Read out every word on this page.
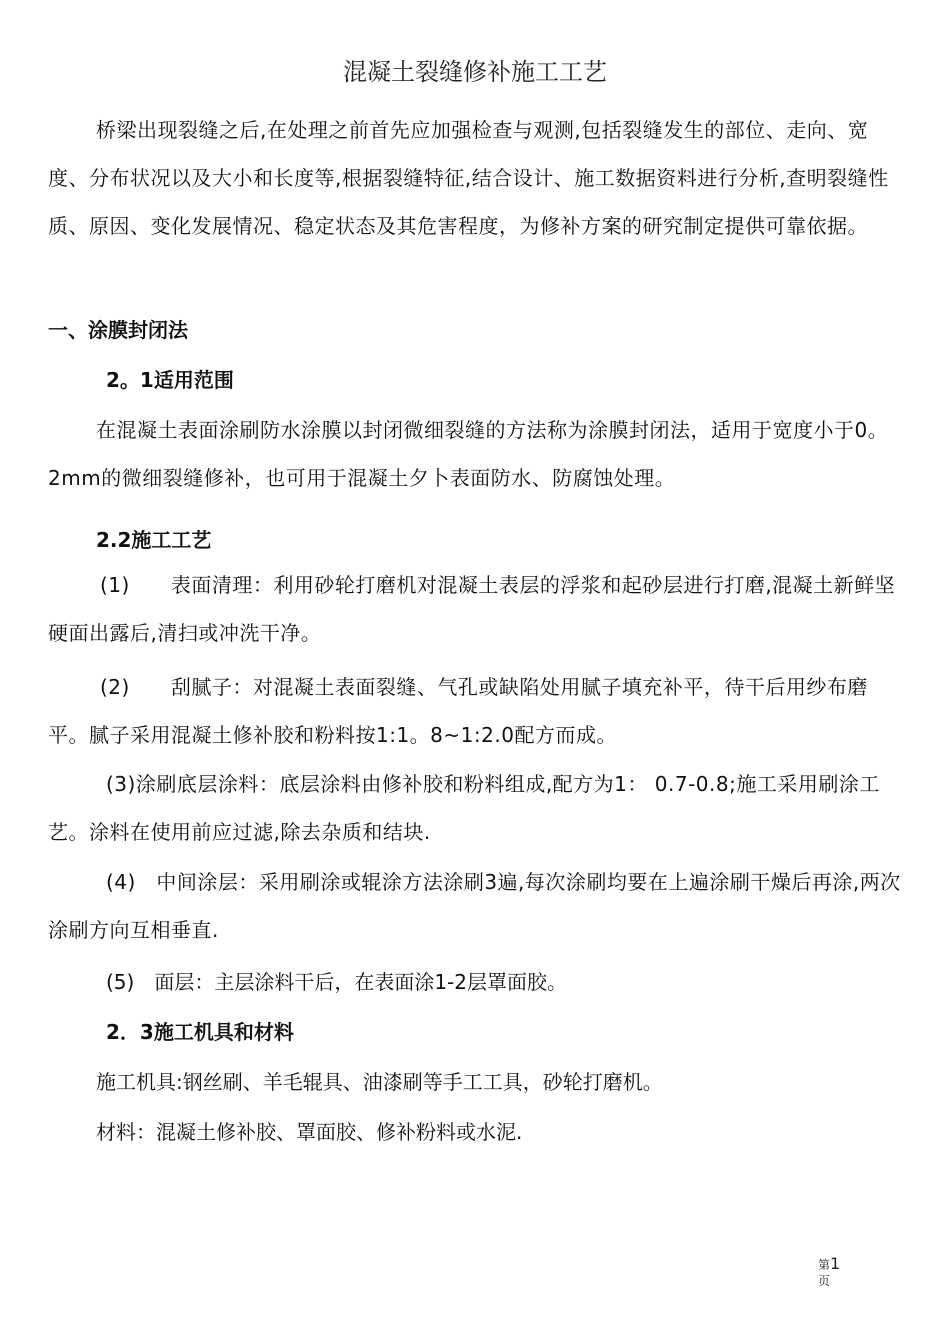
混凝土裂缝修补施工工艺

桥梁出现裂缝之后,在处理之前首先应加强检查与观测,包括裂缝发生的部位、走向、宽度、分布状况以及大小和长度等,根据裂缝特征,结合设计、施工数据资料进行分析,查明裂缝性质、原因、变化发展情况、稳定状态及其危害程度，为修补方案的研究制定提供可靠依据。

一、涂膜封闭法
2。1适用范围

在混凝土表面涂刷防水涂膜以封闭微细裂缝的方法称为涂膜封闭法，适用于宽度小于0。2mm的微细裂缝修补，也可用于混凝土夕卜表面防水、防腐蚀处理。

2.2施工工艺

(1)　　表面清理：利用砂轮打磨机对混凝土表层的浮浆和起砂层进行打磨,混凝土新鲜坚硬面出露后,清扫或冲洗干净。

(2)　　刮腻子：对混凝土表面裂缝、气孔或缺陷处用腻子填充补平，待干后用纱布磨平。腻子采用混凝土修补胶和粉料按1:1。8~1:2.0配方而成。

(3)涂刷底层涂料：底层涂料由修补胶和粉料组成,配方为1： 0.7-0.8;施工采用刷涂工艺。涂料在使用前应过滤,除去杂质和结块.

(4)　中间涂层：采用刷涂或辊涂方法涂刷3遍,每次涂刷均要在上遍涂刷干燥后再涂,两次涂刷方向互相垂直.

(5)　面层：主层涂料干后，在表面涂1-2层罩面胶。
2．3施工机具和材料
施工机具:钢丝刷、羊毛辊具、油漆刷等手工工具，砂轮打磨机。
材料：混凝土修补胶、罩面胶、修补粉料或水泥.
第1
页
